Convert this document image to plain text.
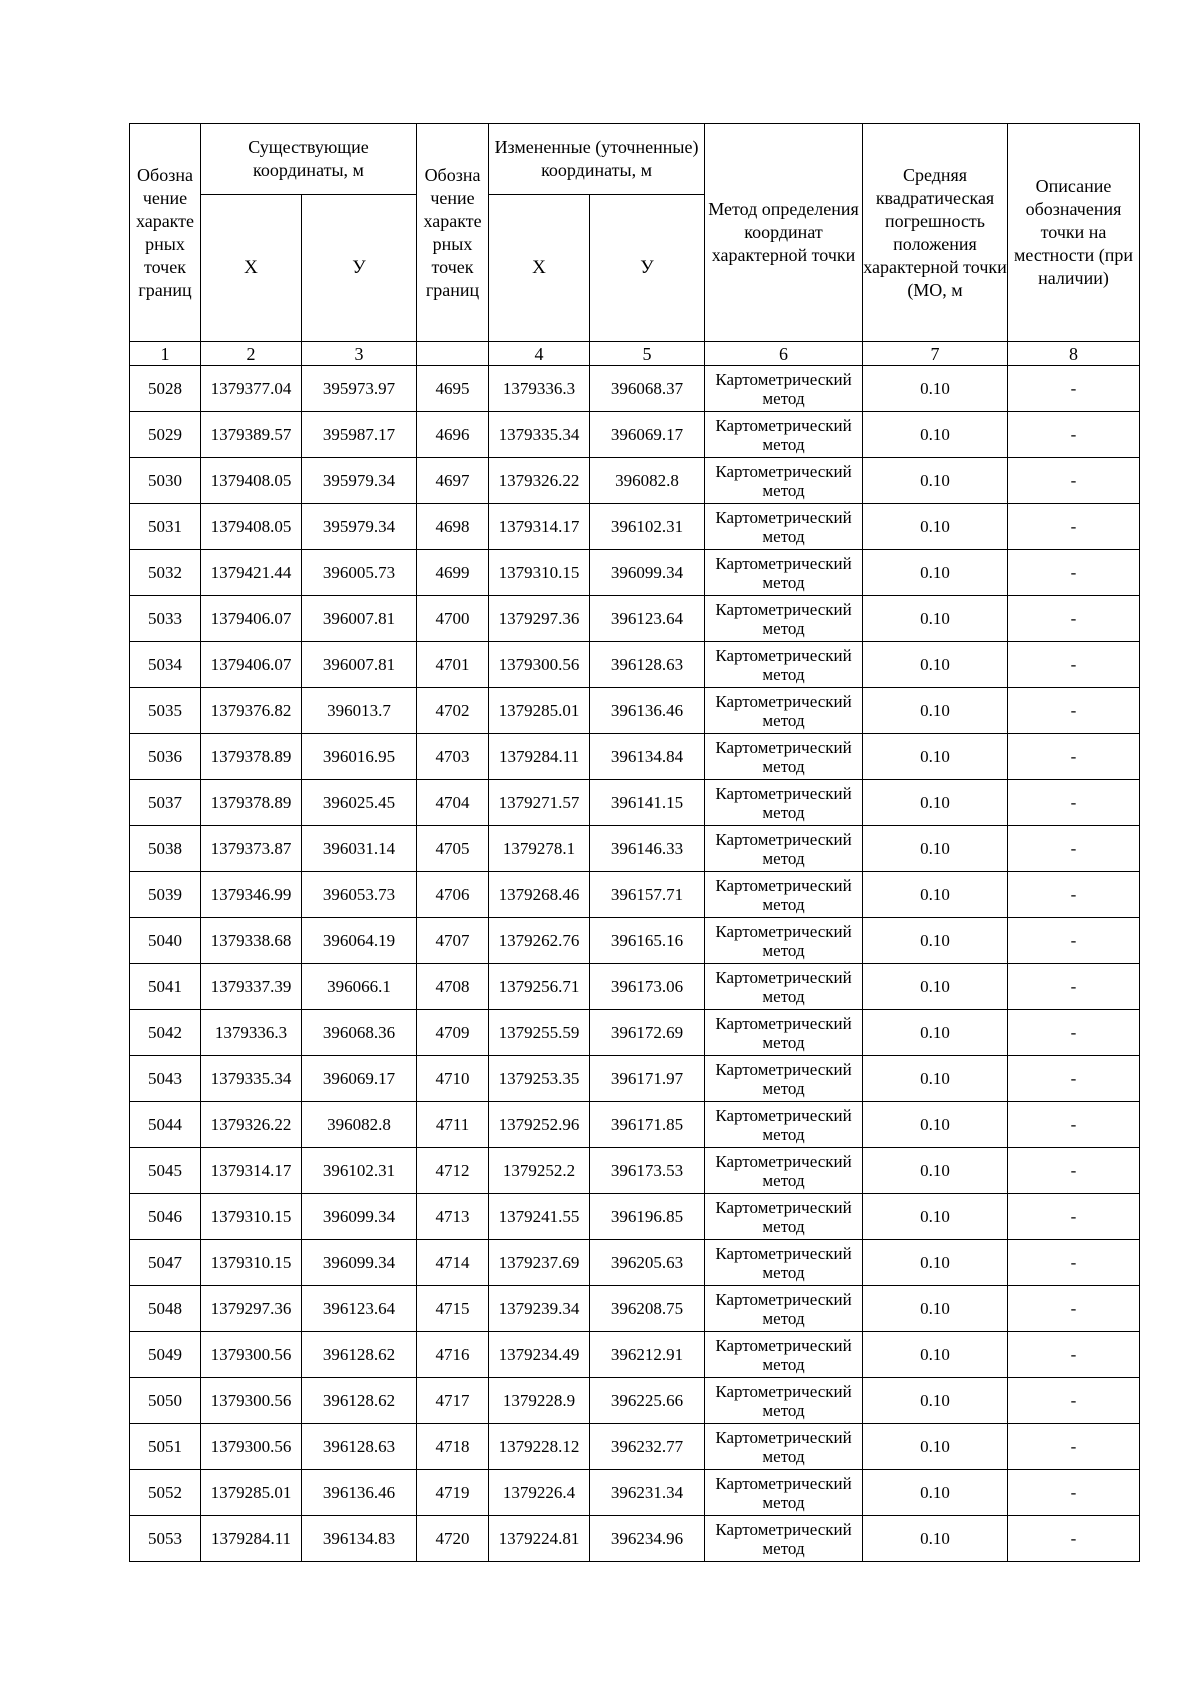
Обозна чение характе рных точек границ	Существующие координаты, м		Обозна чение характе рных точек границ	Измененные (уточненные) координаты, м		Метод определения координат характерной точки	Средняя квадратическая погрешность положения характерной точки (МО, м	Описание обозначения точки на местности (при наличии)
	X	У		X	У			
1	2	3		4	5	6	7	8
5028	1379377.04	395973.97	4695	1379336.3	396068.37	Картометрический метод	0.10	-
5029	1379389.57	395987.17	4696	1379335.34	396069.17	Картометрический метод	0.10	-
5030	1379408.05	395979.34	4697	1379326.22	396082.8	Картометрический метод	0.10	-
5031	1379408.05	395979.34	4698	1379314.17	396102.31	Картометрический метод	0.10	-
5032	1379421.44	396005.73	4699	1379310.15	396099.34	Картометрический метод	0.10	-
5033	1379406.07	396007.81	4700	1379297.36	396123.64	Картометрический метод	0.10	-
5034	1379406.07	396007.81	4701	1379300.56	396128.63	Картометрический метод	0.10	-
5035	1379376.82	396013.7	4702	1379285.01	396136.46	Картометрический метод	0.10	-
5036	1379378.89	396016.95	4703	1379284.11	396134.84	Картометрический метод	0.10	-
5037	1379378.89	396025.45	4704	1379271.57	396141.15	Картометрический метод	0.10	-
5038	1379373.87	396031.14	4705	1379278.1	396146.33	Картометрический метод	0.10	-
5039	1379346.99	396053.73	4706	1379268.46	396157.71	Картометрический метод	0.10	-
5040	1379338.68	396064.19	4707	1379262.76	396165.16	Картометрический метод	0.10	-
5041	1379337.39	396066.1	4708	1379256.71	396173.06	Картометрический метод	0.10	-
5042	1379336.3	396068.36	4709	1379255.59	396172.69	Картометрический метод	0.10	-
5043	1379335.34	396069.17	4710	1379253.35	396171.97	Картометрический метод	0.10	-
5044	1379326.22	396082.8	4711	1379252.96	396171.85	Картометрический метод	0.10	-
5045	1379314.17	396102.31	4712	1379252.2	396173.53	Картометрический метод	0.10	-
5046	1379310.15	396099.34	4713	1379241.55	396196.85	Картометрический метод	0.10	-
5047	1379310.15	396099.34	4714	1379237.69	396205.63	Картометрический метод	0.10	-
5048	1379297.36	396123.64	4715	1379239.34	396208.75	Картометрический метод	0.10	-
5049	1379300.56	396128.62	4716	1379234.49	396212.91	Картометрический метод	0.10	-
5050	1379300.56	396128.62	4717	1379228.9	396225.66	Картометрический метод	0.10	-
5051	1379300.56	396128.63	4718	1379228.12	396232.77	Картометрический метод	0.10	-
5052	1379285.01	396136.46	4719	1379226.4	396231.34	Картометрический метод	0.10	-
5053	1379284.11	396134.83	4720	1379224.81	396234.96	Картометрический метод	0.10	-
